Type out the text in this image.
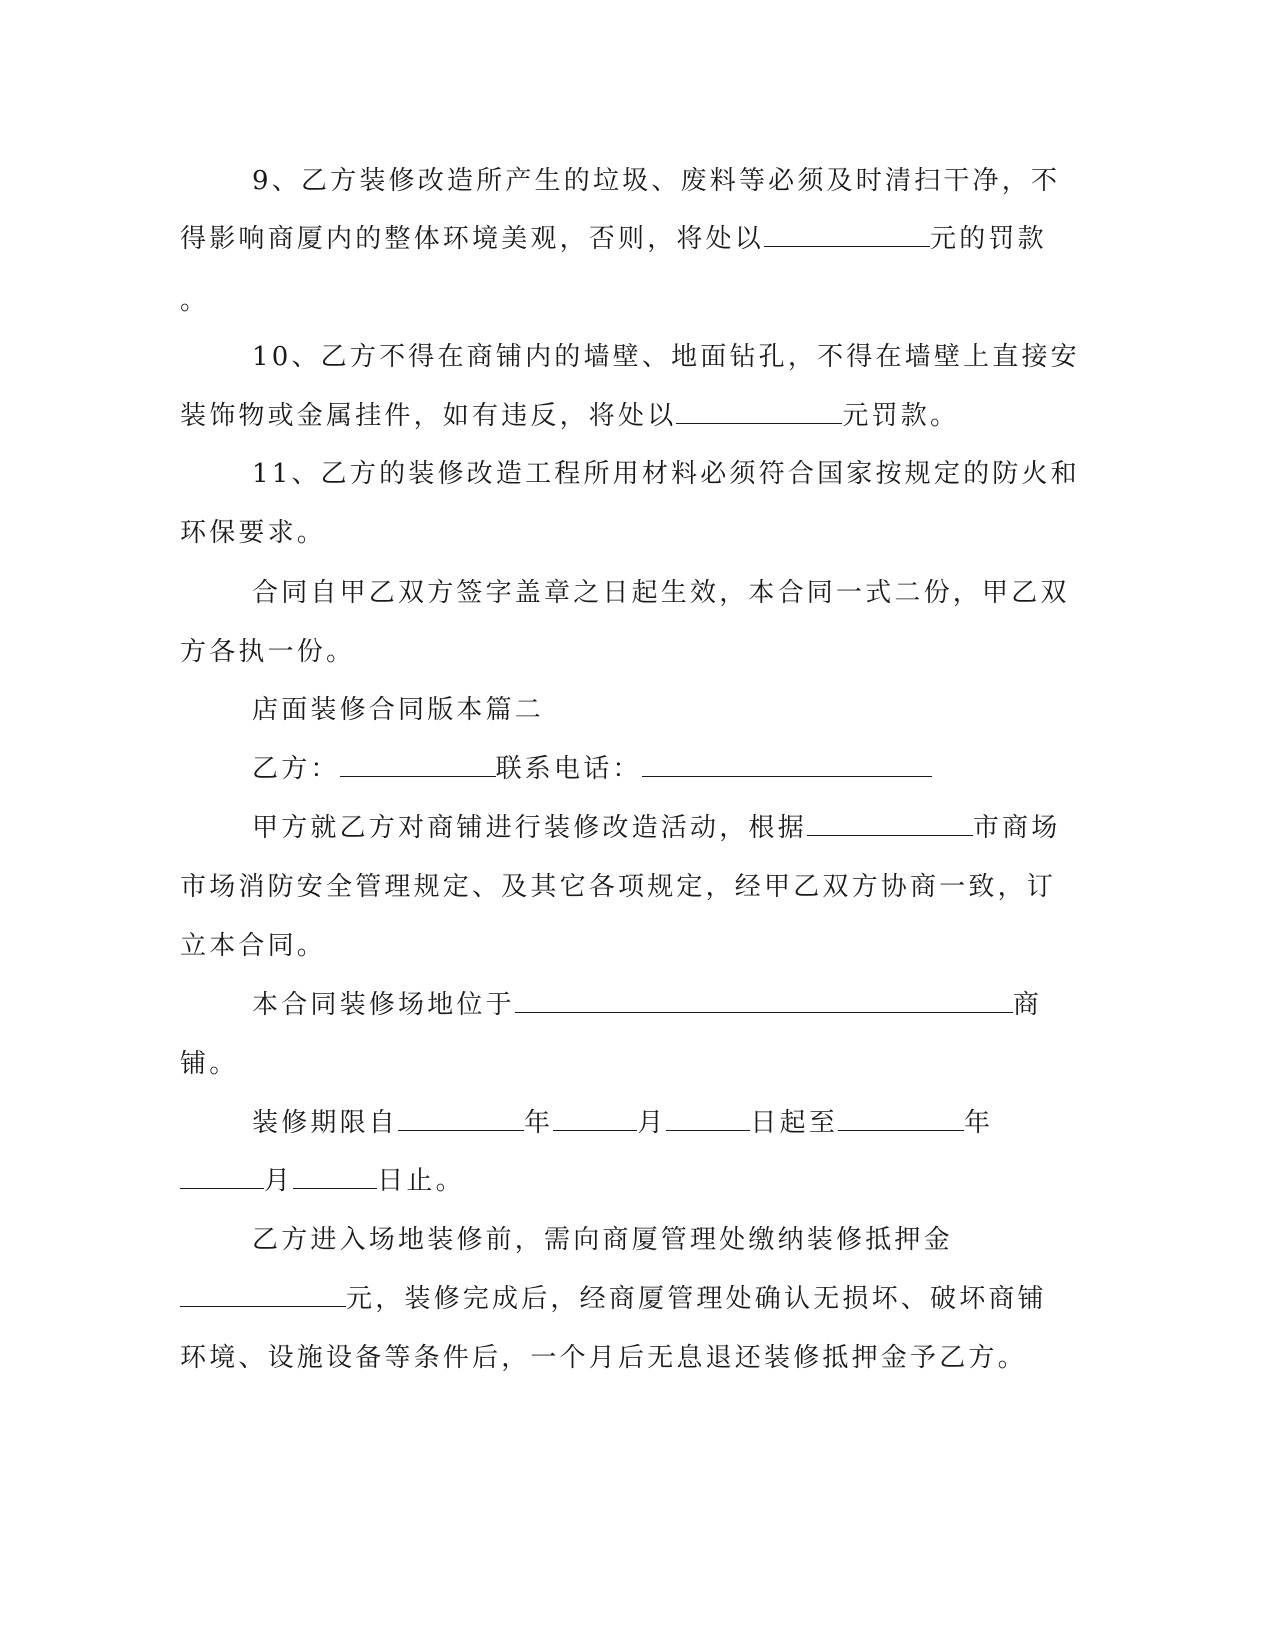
9、乙方装修改造所产生的垃圾、废料等必须及时清扫干净，不
得影响商厦内的整体环境美观，否则，将处以	元的罚款
。
10、乙方不得在商铺内的墙壁、地面钻孔，不得在墙壁上直接安
装饰物或金属挂件，如有违反，将处以	元罚款。
11、乙方的装修改造工程所用材料必须符合国家按规定的防火和
环保要求。
合同自甲乙双方签字盖章之日起生效，本合同一式二份，甲乙双
方各执一份。
店面装修合同版本篇二
乙方：	联系电话：
甲方就乙方对商铺进行装修改造活动，根据	市商场
市场消防安全管理规定、及其它各项规定，经甲乙双方协商一致，订
立本合同。
本合同装修场地位于	商
铺。
装修期限自	年	月	日起至	年
月	日止。
乙方进入场地装修前，需向商厦管理处缴纳装修抵押金
元，装修完成后，经商厦管理处确认无损坏、破坏商铺
环境、设施设备等条件后，一个月后无息退还装修抵押金予乙方。
